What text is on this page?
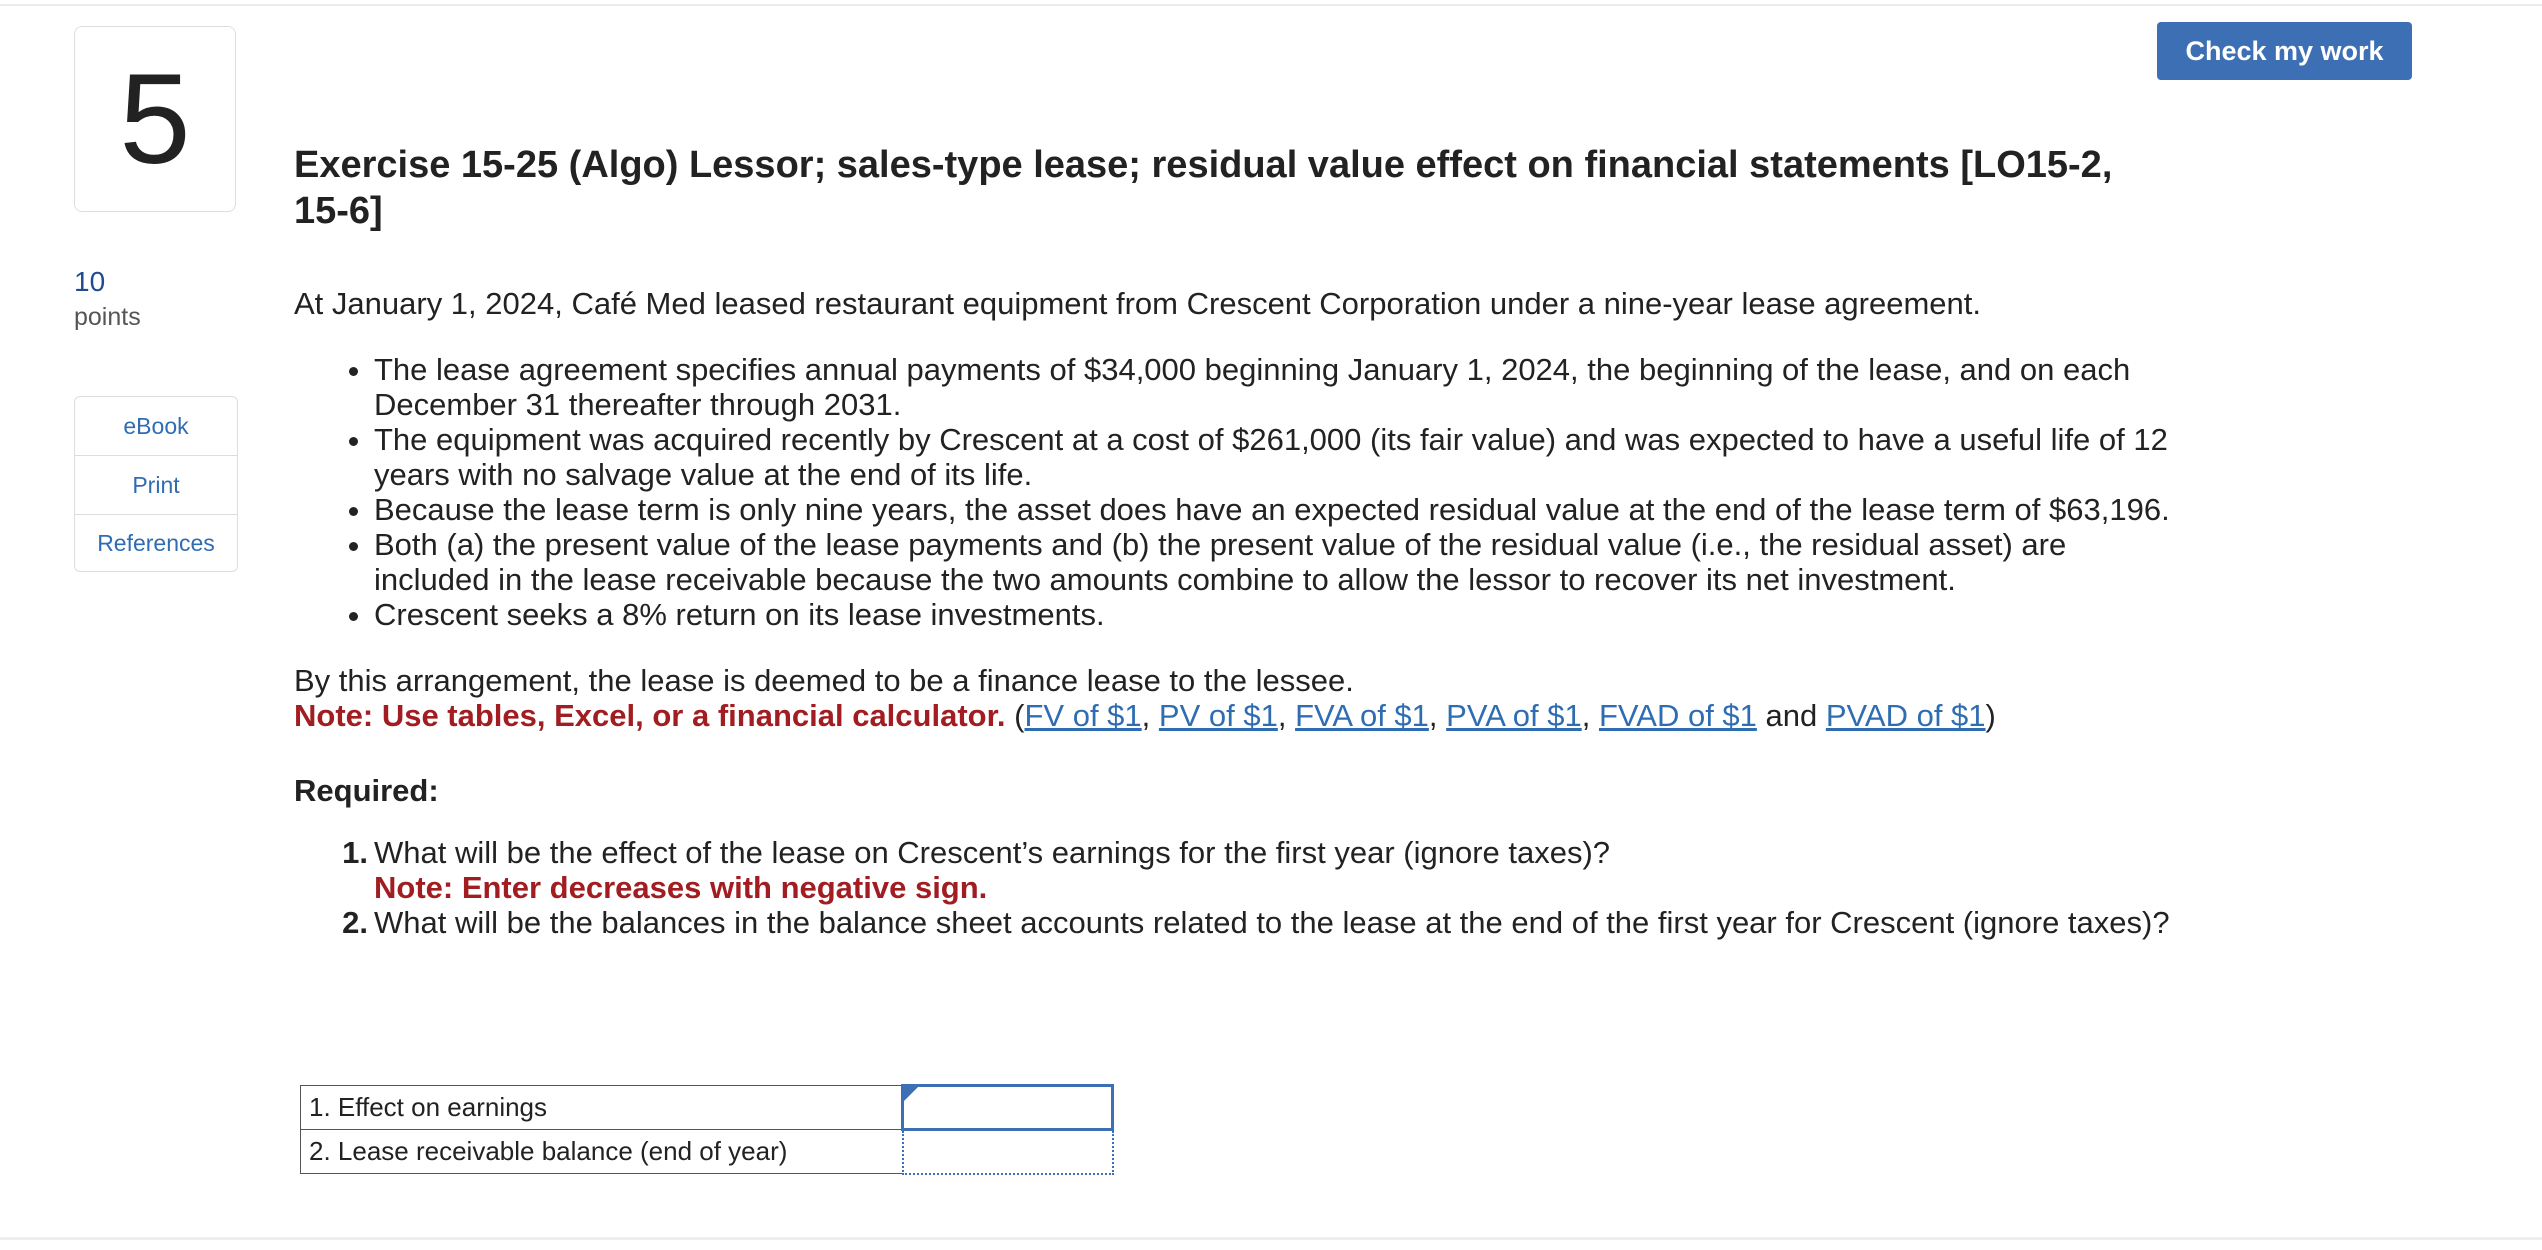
5
10
points
eBook
Print
References
Check my work
Exercise 15-25 (Algo) Lessor; sales-type lease; residual value effect on financial statements [LO15-2, 15-6]

At January 1, 2024, Café Med leased restaurant equipment from Crescent Corporation under a nine-year lease agreement.

• The lease agreement specifies annual payments of $34,000 beginning January 1, 2024, the beginning of the lease, and on each December 31 thereafter through 2031.
• The equipment was acquired recently by Crescent at a cost of $261,000 (its fair value) and was expected to have a useful life of 12 years with no salvage value at the end of its life.
• Because the lease term is only nine years, the asset does have an expected residual value at the end of the lease term of $63,196.
• Both (a) the present value of the lease payments and (b) the present value of the residual value (i.e., the residual asset) are included in the lease receivable because the two amounts combine to allow the lessor to recover its net investment.
• Crescent seeks a 8% return on its lease investments.

By this arrangement, the lease is deemed to be a finance lease to the lessee.

Note: Use tables, Excel, or a financial calculator. (FV of $1, PV of $1, FVA of $1, PVA of $1, FVAD of $1 and PVAD of $1)

Required:

1. What will be the effect of the lease on Crescent’s earnings for the first year (ignore taxes)?
Note: Enter decreases with negative sign.
2. What will be the balances in the balance sheet accounts related to the lease at the end of the first year for Crescent (ignore taxes)?
1. Effect on earnings	

2. Lease receivable balance (end of year)	
